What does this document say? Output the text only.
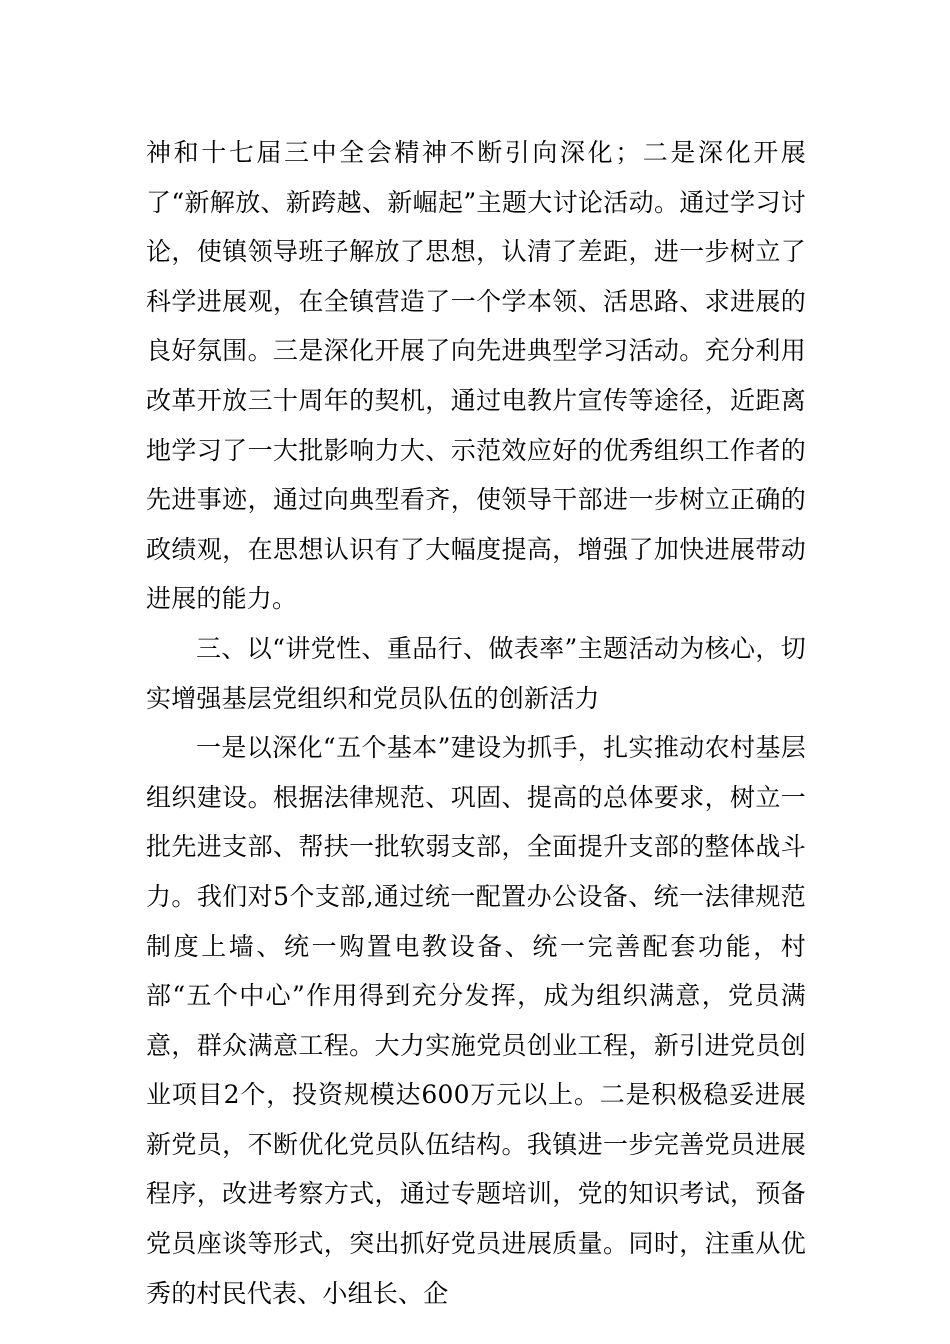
神和十七届三中全会精神不断引向深化；二是深化开展了“新解放、新跨越、新崛起”主题大讨论活动。通过学习讨论，使镇领导班子解放了思想，认清了差距，进一步树立了科学进展观，在全镇营造了一个学本领、活思路、求进展的良好氛围。三是深化开展了向先进典型学习活动。充分利用改革开放三十周年的契机，通过电教片宣传等途径，近距离地学习了一大批影响力大、示范效应好的优秀组织工作者的先进事迹，通过向典型看齐，使领导干部进一步树立正确的政绩观，在思想认识有了大幅度提高，增强了加快进展带动进展的能力。

三、以“讲党性、重品行、做表率”主题活动为核心，切实增强基层党组织和党员队伍的创新活力

一是以深化“五个基本”建设为抓手，扎实推动农村基层组织建设。根据法律规范、巩固、提高的总体要求，树立一批先进支部、帮扶一批软弱支部，全面提升支部的整体战斗力。我们对5个支部,通过统一配置办公设备、统一法律规范制度上墙、统一购置电教设备、统一完善配套功能，村部“五个中心”作用得到充分发挥，成为组织满意，党员满意，群众满意工程。大力实施党员创业工程，新引进党员创业项目2个，投资规模达600万元以上。二是积极稳妥进展新党员，不断优化党员队伍结构。我镇进一步完善党员进展程序，改进考察方式，通过专题培训，党的知识考试，预备党员座谈等形式，突出抓好党员进展质量。同时，注重从优秀的村民代表、小组长、企
